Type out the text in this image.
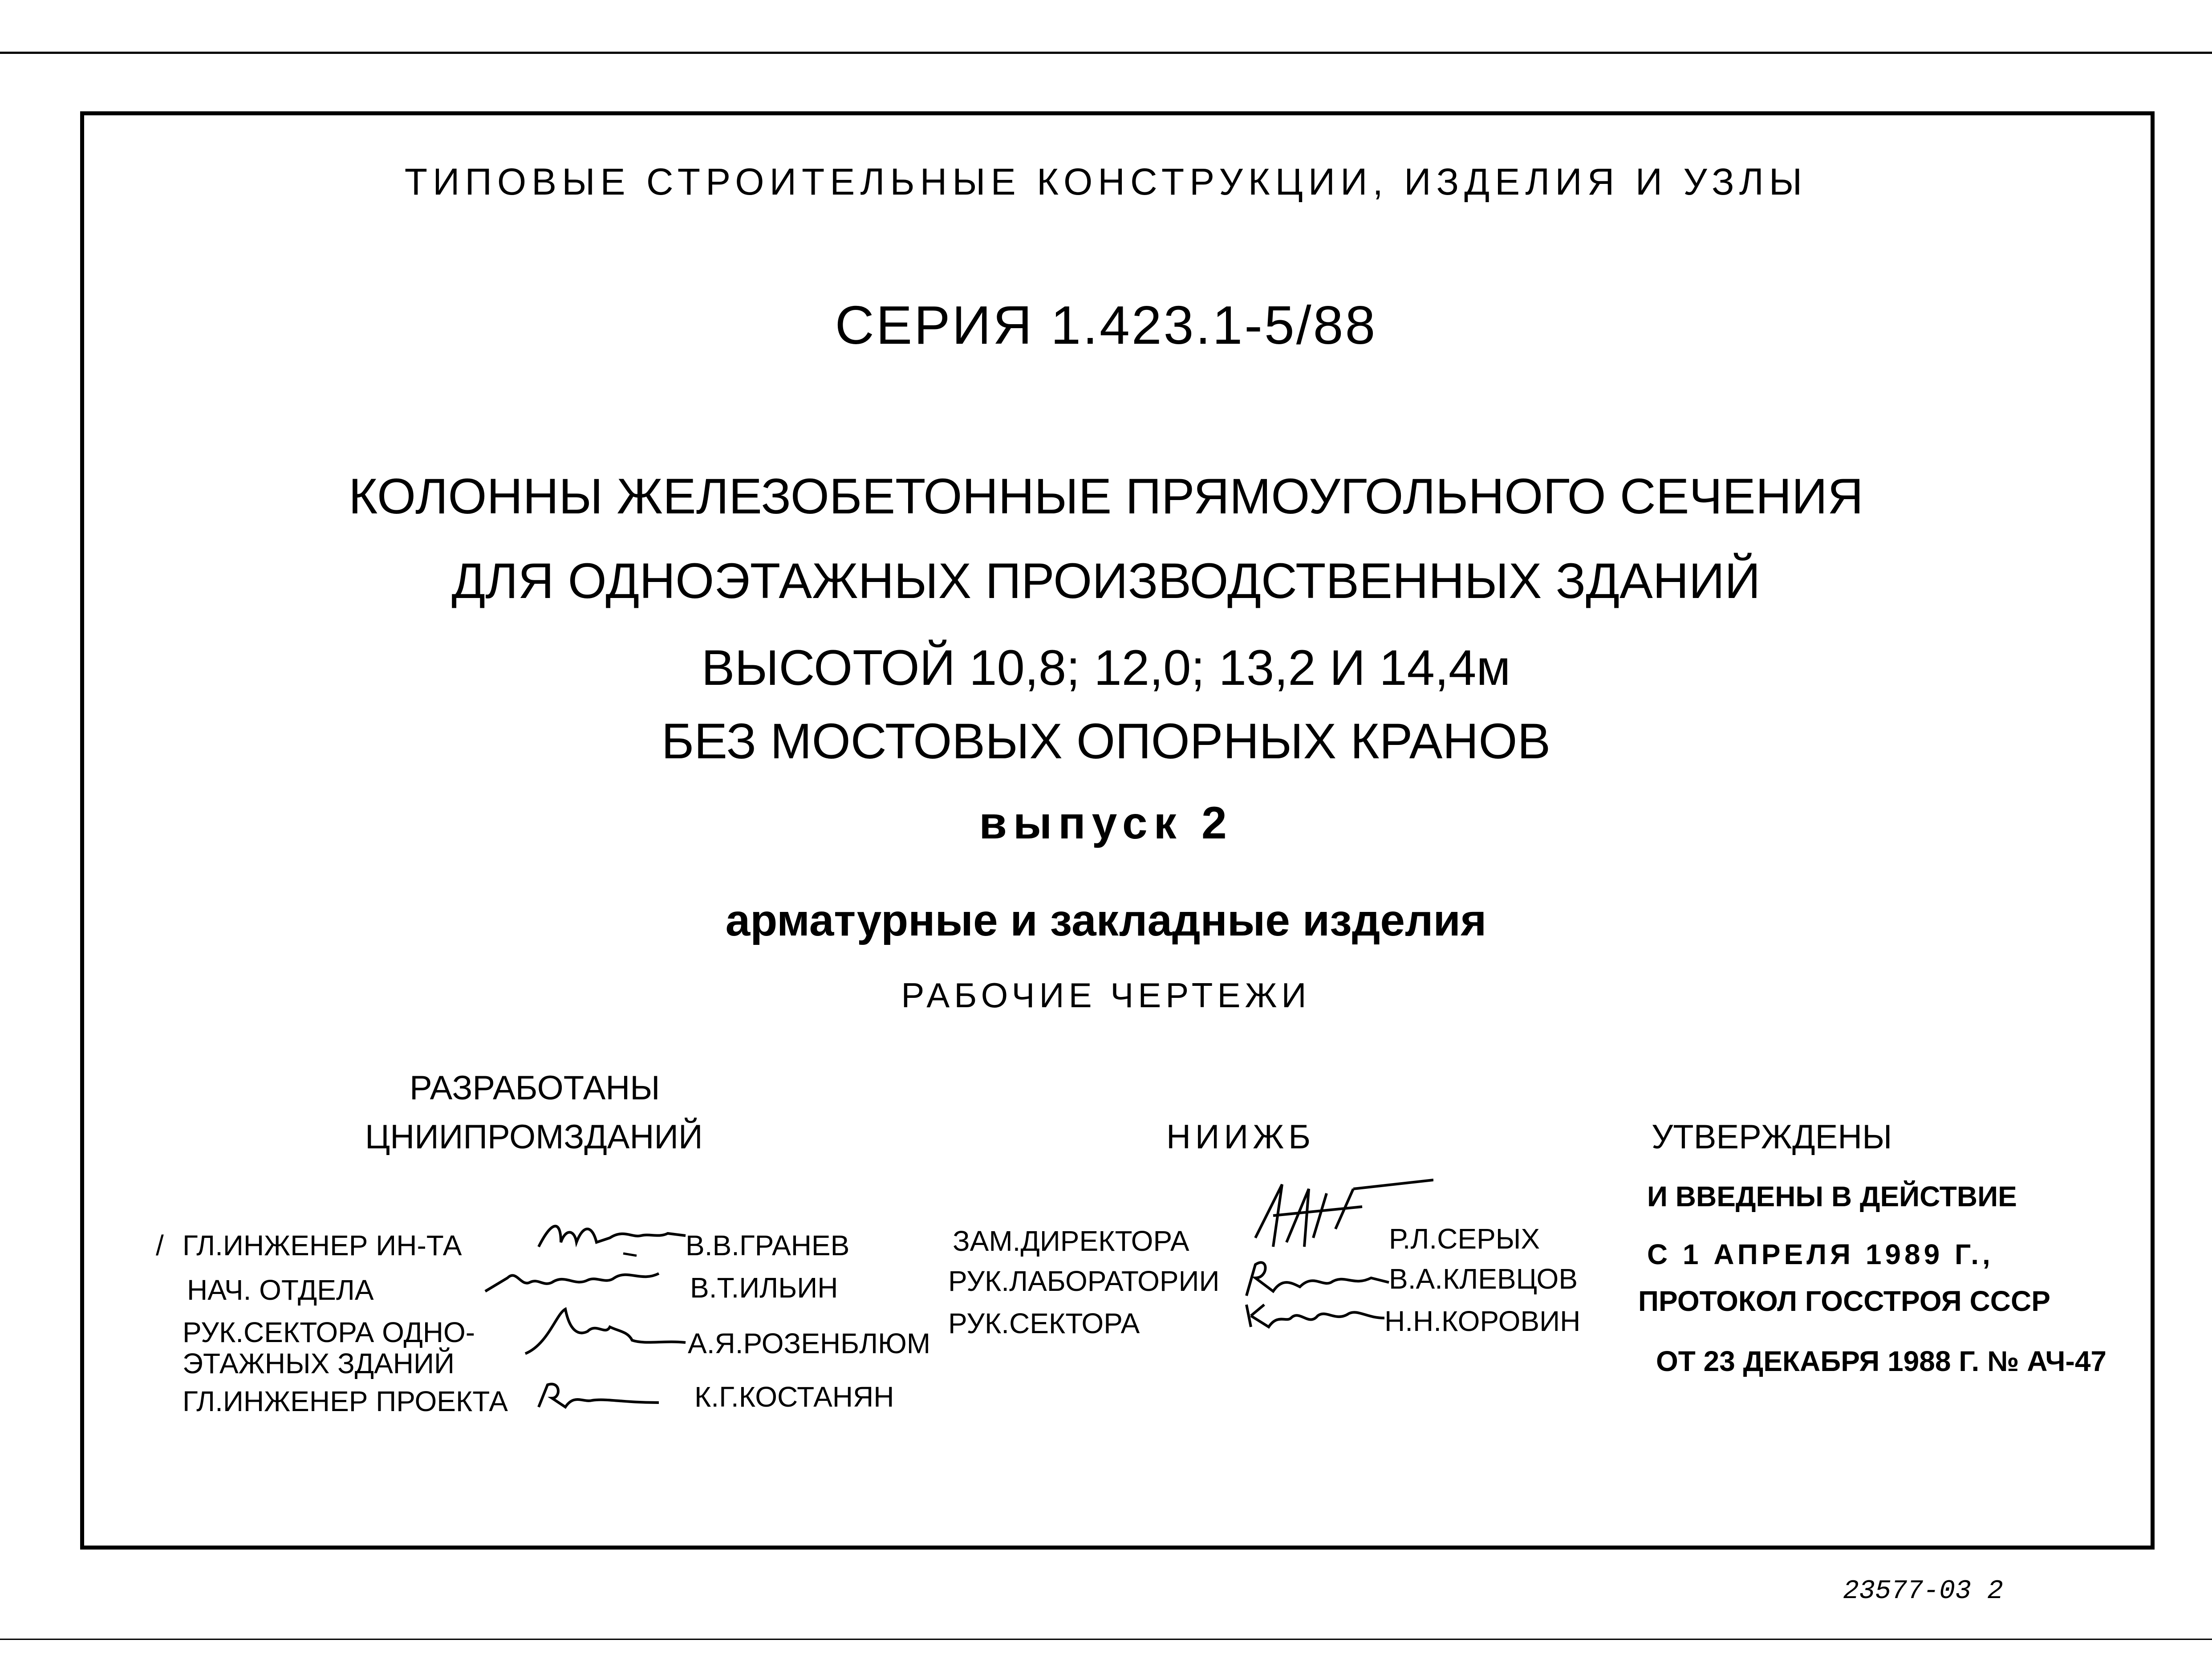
ТИПОВЫЕ СТРОИТЕЛЬНЫЕ КОНСТРУКЦИИ, ИЗДЕЛИЯ И УЗЛЫ
СЕРИЯ 1.423.1-5/88
КОЛОННЫ ЖЕЛЕЗОБЕТОННЫЕ ПРЯМОУГОЛЬНОГО СЕЧЕНИЯ
ДЛЯ ОДНОЭТАЖНЫХ ПРОИЗВОДСТВЕННЫХ ЗДАНИЙ
ВЫСОТОЙ 10,8; 12,0; 13,2 И 14,4м
БЕЗ МОСТОВЫХ ОПОРНЫХ КРАНОВ
выпуск 2
арматурные и закладные изделия
РАБОЧИЕ ЧЕРТЕЖИ
РАЗРАБОТАНЫ
ЦНИИПРОМЗДАНИЙ	НИИЖБ
/ ГЛ.ИНЖЕНЕР ИН-ТА	В.В.ГРАНЕВ
НАЧ. ОТДЕЛА	В.Т.ИЛЬИН
РУК.СЕКТОРА ОДНО-
ЭТАЖНЫХ ЗДАНИЙ
А.Я.РОЗЕНБЛЮМ
ГЛ.ИНЖЕНЕР ПРОЕКТА	К.Г.КОСТАНЯН
ЗАМ.ДИРЕКТОРА	Р.Л.СЕРЫХ
РУК.ЛАБОРАТОРИИ	В.А.КЛЕВЦОВ
РУК.СЕКТОРА	Н.Н.КОРОВИН
УТВЕРЖДЕНЫ
И ВВЕДЕНЫ В ДЕЙСТВИЕ
С 1 АПРЕЛЯ 1989 Г.,
ПРОТОКОЛ ГОССТРОЯ СССР
ОТ 23 ДЕКАБРЯ 1988 Г. № АЧ-47
23577-03 2
